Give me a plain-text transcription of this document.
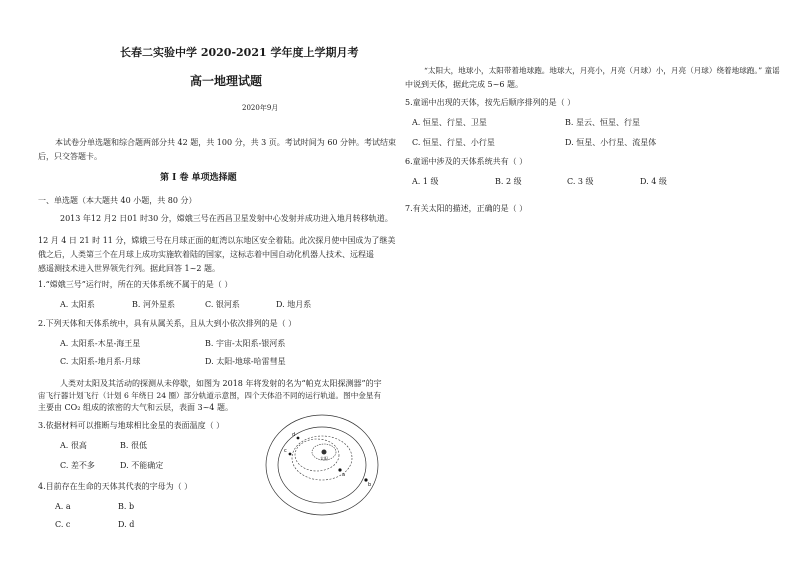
长春二实验中学 2020-2021 学年度上学期月考
高一地理试题
2020年9月
本试卷分单选题和综合题两部分共 42 题，共 100 分，共 3 页。考试时间为 60 分钟。考试结束
后，只交答题卡。
第 Ⅰ 卷 单项选择题
一、单选题（本大题共 40 小题，共 80 分）
2013 年12 月2 日01 时30 分，嫦娥三号在西昌卫星发射中心发射并成功进入地月转移轨道。
12 月 4 日 21 时 11 分，嫦娥三号在月球正面的虹湾以东地区安全着陆。此次探月使中国成为了继美
俄之后，人类第三个在月球上成功实施软着陆的国家，这标志着中国自动化机器人技术、远程遥
感遥测技术进入世界领先行列。据此回答 1~2 题。
1.“嫦娥三号”运行时，所在的天体系统不属于的是（ ）
A. 太阳系	B. 河外星系	C. 银河系	D. 地月系
2.下列天体和天体系统中，具有从属关系，且从大到小依次排列的是（ ）
A. 太阳系-木星-海王星	B. 宇宙-太阳系-银河系
C. 太阳系-地月系-月球	D. 太阳-地球-哈雷彗星
人类对太阳及其活动的探测从未停歇，如图为 2018 年将发射的名为“帕克太阳探测器”的宇
宙飞行器计划飞行（计划 6 年绕日 24 圈）部分轨道示意图，四个天体沿不同的运行轨道。图中金星有
主要由 CO₂ 组成的浓密的大气和云层，表面 3~4 题。
3.依据材料可以推断与地球相比金星的表面温度（ ）
A. 很高	B. 很低
C. 差不多	D. 不能确定
4.目前存在生命的天体其代表的字母为（ ）
A. a	B. b
C. c	D. d
a
b
c
d
太阳
“太阳大，地球小，太阳带着地球跑。地球大，月亮小，月亮（月球）小，月亮（月球）绕着地球跑。” 童谣
中说到天体，据此完成 5~6 题。
5.童谣中出现的天体，按先后顺序排列的是（ ）
A. 恒星、行星、卫星	B. 星云、恒星、行星
C. 恒星、行星、小行星	D. 恒星、小行星、流星体
6.童谣中涉及的天体系统共有（ ）
A. 1 级	B. 2 级	C. 3 级	D. 4 级
7.有关太阳的描述，正确的是（ ）
